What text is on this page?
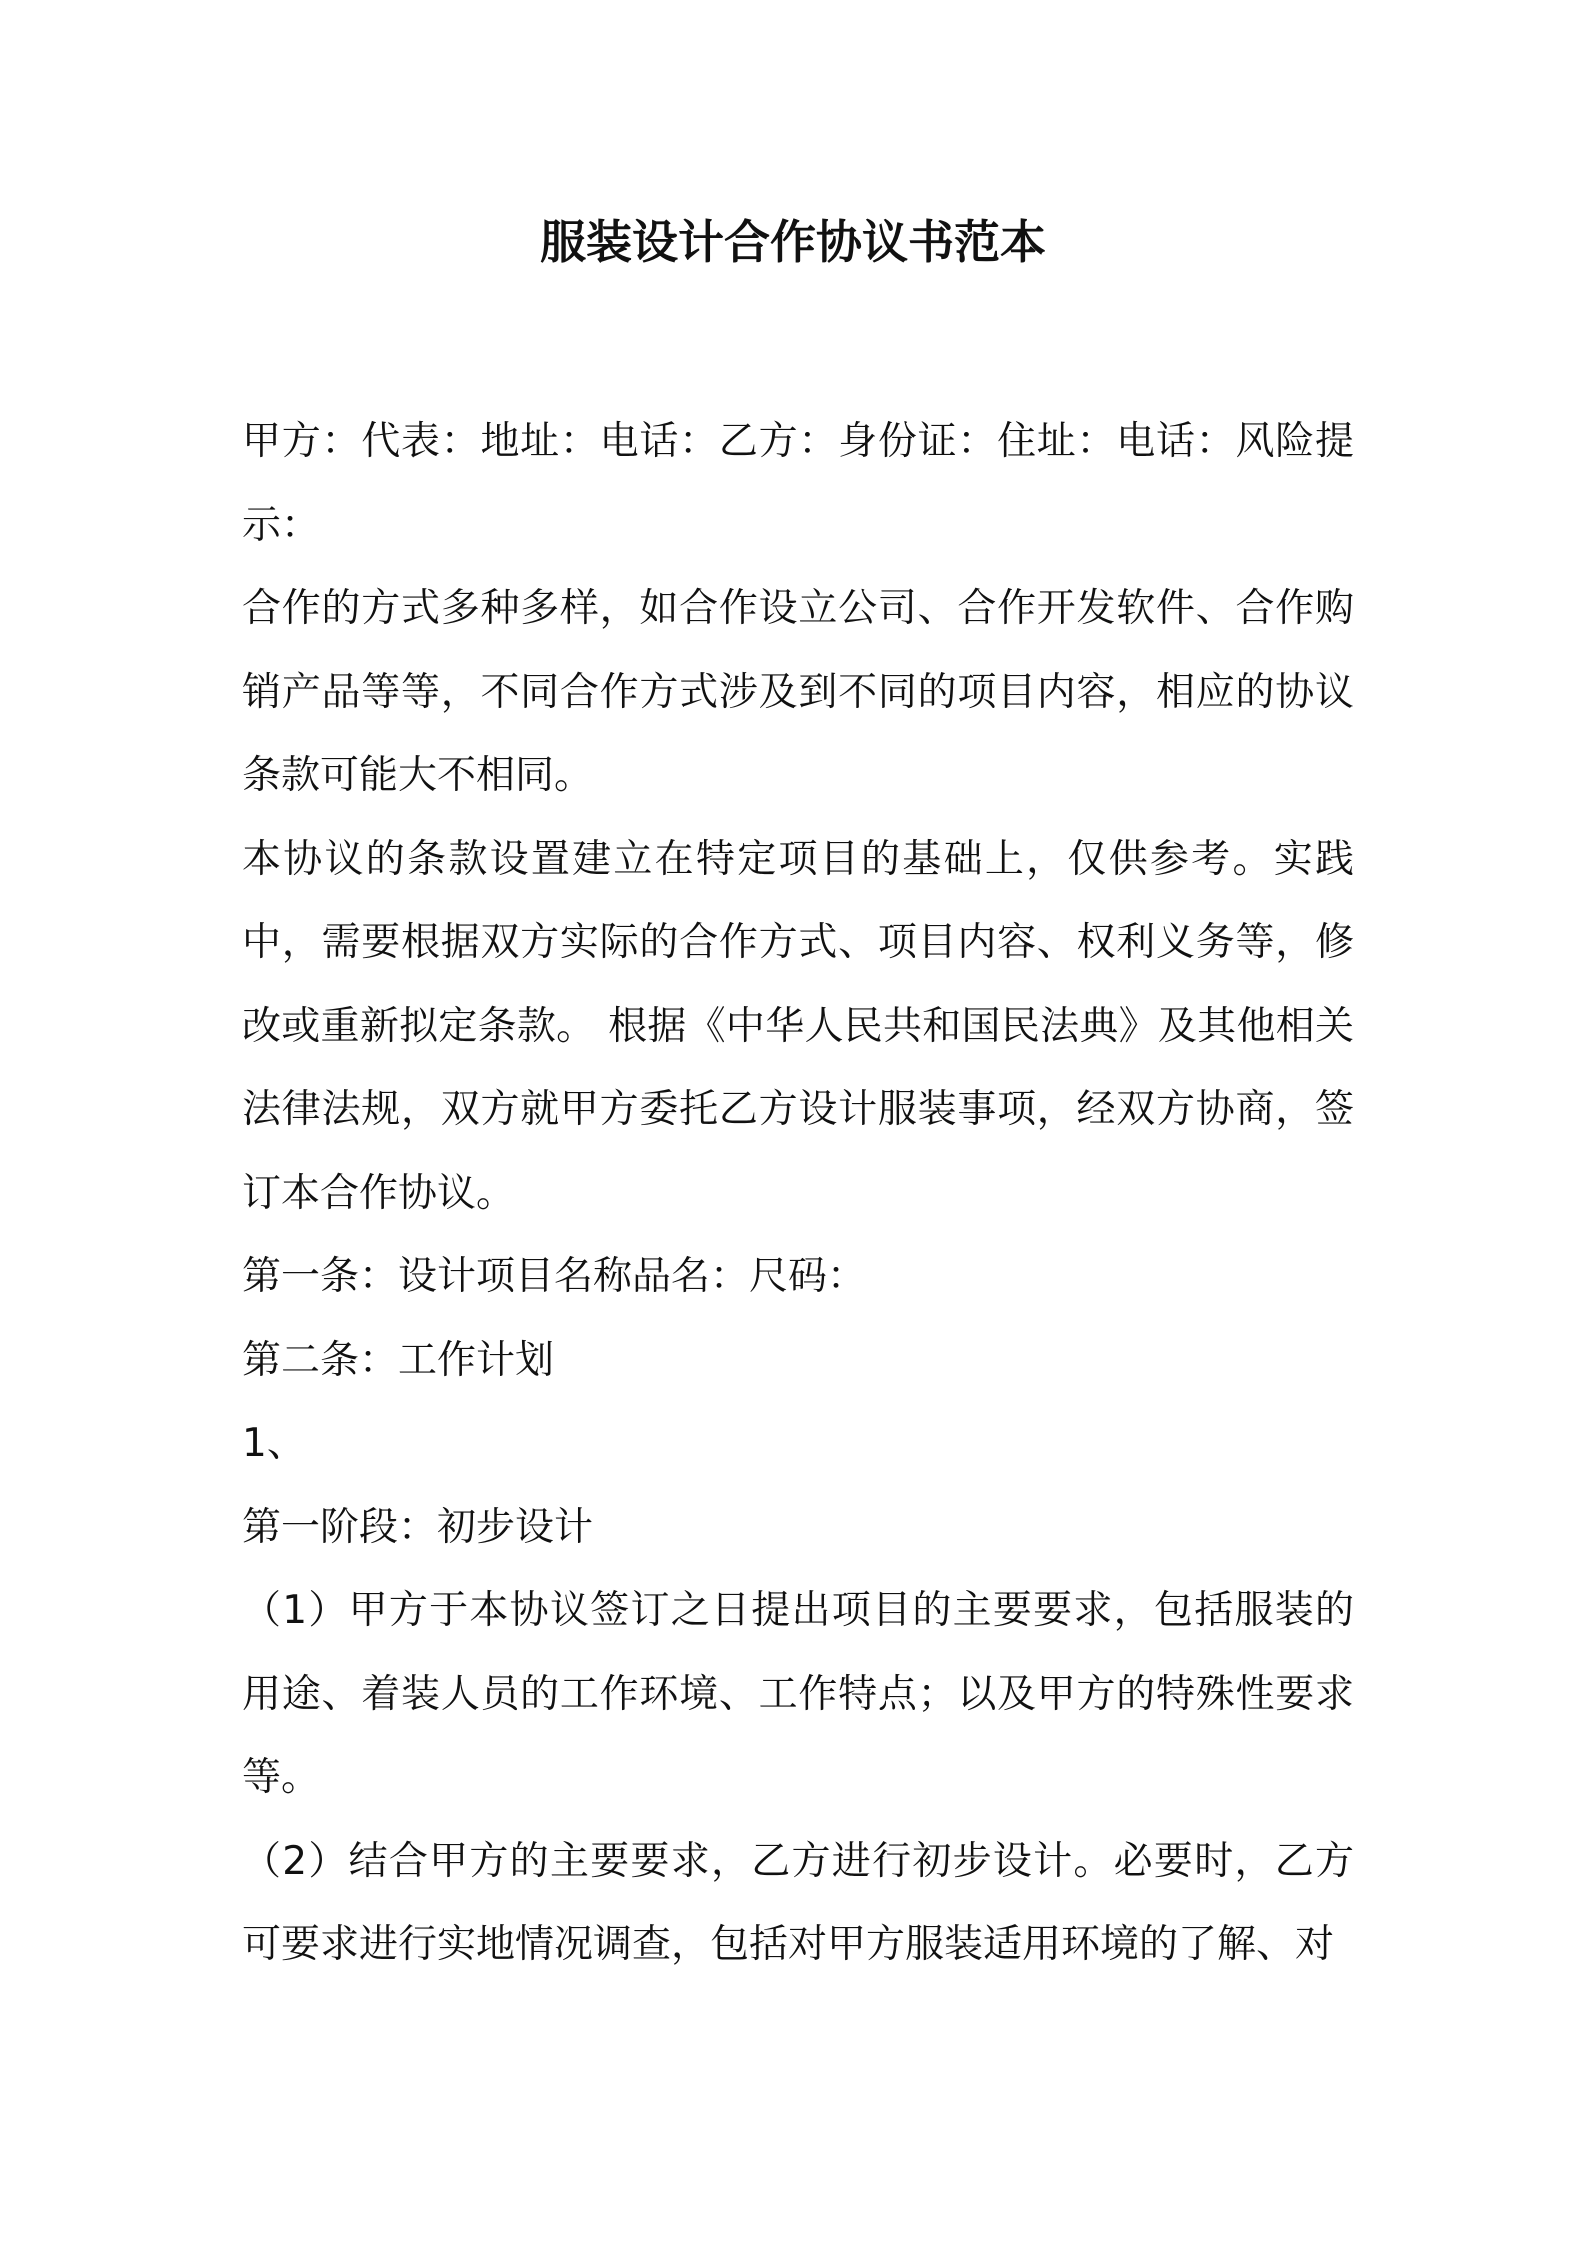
服装设计合作协议书范本

甲方：代表：地址：电话：乙方：身份证：住址：电话：风险提示：

合作的方式多种多样，如合作设立公司、合作开发软件、合作购销产品等等，不同合作方式涉及到不同的项目内容，相应的协议条款可能大不相同。

本协议的条款设置建立在特定项目的基础上，仅供参考。实践中，需要根据双方实际的合作方式、项目内容、权利义务等，修改或重新拟定条款。 根据《中华人民共和国民法典》及其他相关法律法规，双方就甲方委托乙方设计服装事项，经双方协商，签订本合作协议。

第一条：设计项目名称品名：尺码：

第二条：工作计划

1、

第一阶段：初步设计

（1）甲方于本协议签订之日提出项目的主要要求，包括服装的用途、着装人员的工作环境、工作特点；以及甲方的特殊性要求等。

（2）结合甲方的主要要求，乙方进行初步设计。必要时，乙方可要求进行实地情况调查，包括对甲方服装适用环境的了解、对
